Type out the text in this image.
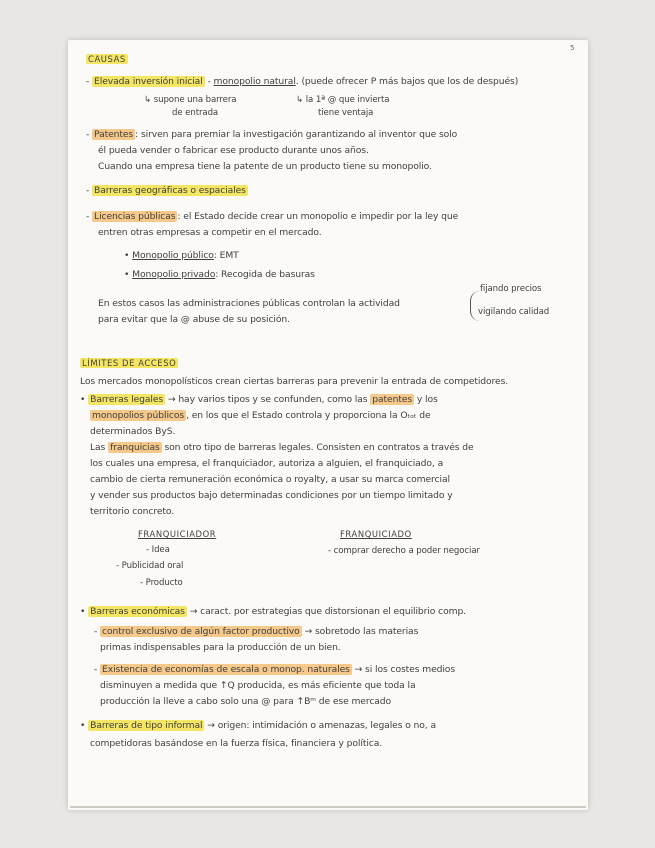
5
CAUSAS
- Elevada inversión inicial - monopolio natural. (puede ofrecer P más bajos que los de después)
↳ supone una barrera
de entrada
↳ la 1ª @ que invierta
tiene ventaja
- Patentes : sirven para premiar la investigación garantizando al inventor que solo
él pueda vender o fabricar ese producto durante unos años.
Cuando una empresa tiene la patente de un producto tiene su monopolio.
- Barreras geográficas o espaciales
- Licencias públicas : el Estado decide crear un monopolio e impedir por la ley que
entren otras empresas a competir en el mercado.
• Monopolio público: EMT
• Monopolio privado: Recogida de basuras
En estos casos las administraciones públicas controlan la actividad
para evitar que la @ abuse de su posición.
fijando precios
vigilando calidad
LÍMITES DE ACCESO
Los mercados monopolísticos crean ciertas barreras para prevenir la entrada de competidores.
• Barreras legales → hay varios tipos y se confunden, como las patentes y los
monopolios públicos , en los que el Estado controla y proporciona la Oₜₒₜ de
determinados ByS.
Las franquicias son otro tipo de barreras legales. Consisten en contratos a través de
los cuales una empresa, el franquiciador, autoriza a alguien, el franquiciado, a
cambio de cierta remuneración económica o royalty, a usar su marca comercial
y vender sus productos bajo determinadas condiciones por un tiempo limitado y
territorio concreto.
FRANQUICIADOR
- Idea
- Publicidad oral
- Producto
FRANQUICIADO
- comprar derecho a poder negociar
• Barreras económicas → caract. por estrategias que distorsionan el equilibrio comp.
- control exclusivo de algún factor productivo → sobretodo las materias
primas indispensables para la producción de un bien.
- Existencia de economías de escala o monop. naturales → si los costes medios
disminuyen a medida que ↑Q producida, es más eficiente que toda la
producción la lleve a cabo solo una @ para ↑Bᵐ de ese mercado
• Barreras de tipo informal → origen: intimidación o amenazas, legales o no, a
competidoras basándose en la fuerza física, financiera y política.
